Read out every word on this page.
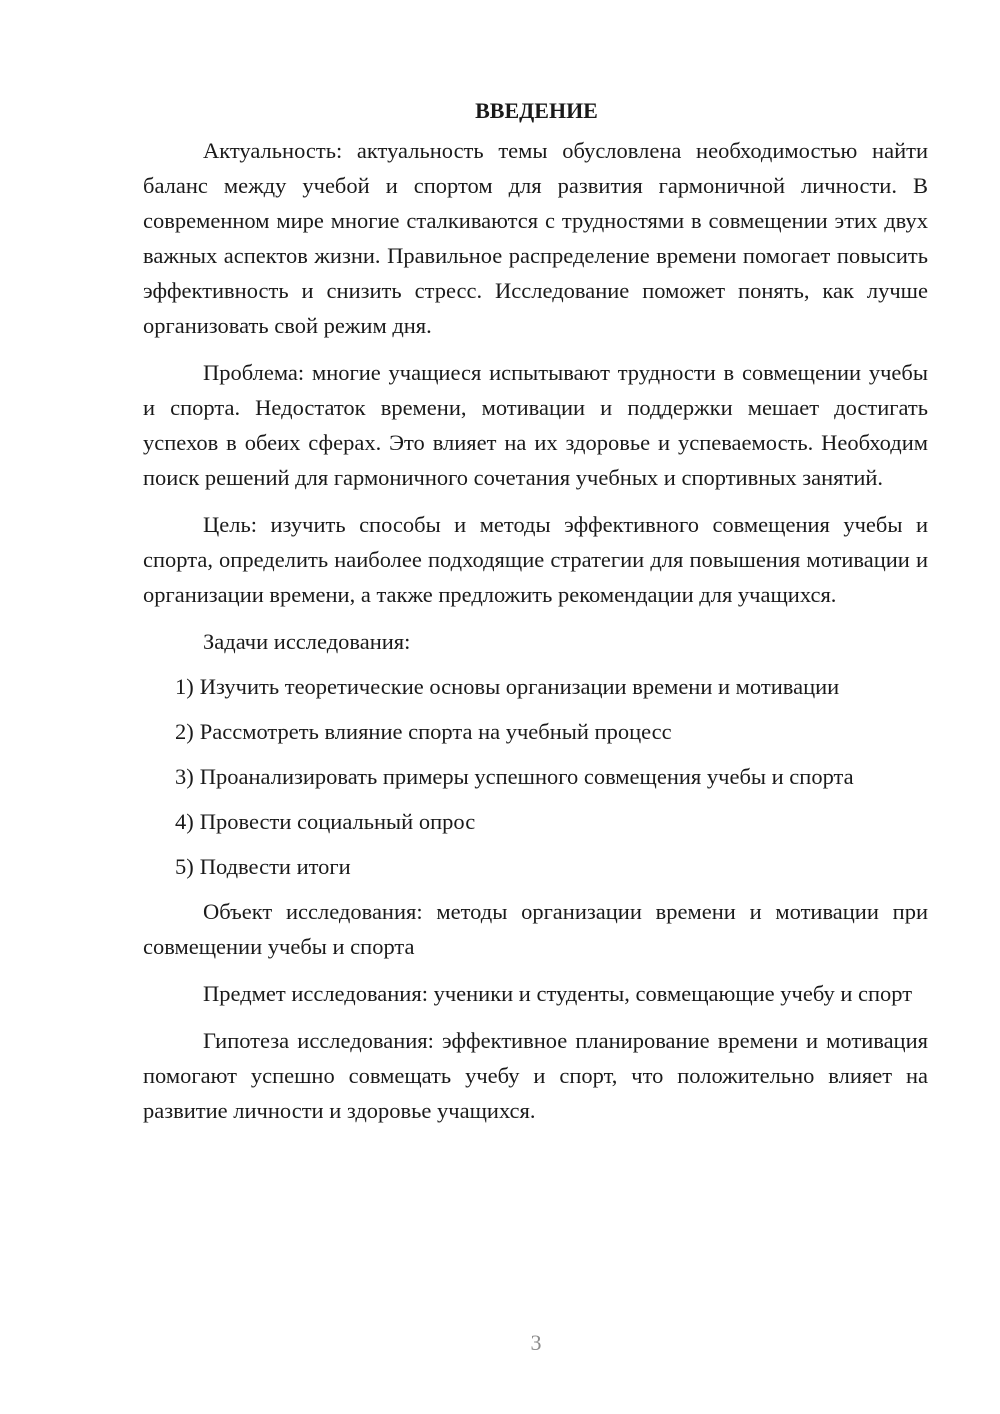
ВВЕДЕНИЕ

Актуальность: актуальность темы обусловлена необходимостью найти баланс между учебой и спортом для развития гармоничной личности. В современном мире многие сталкиваются с трудностями в совмещении этих двух важных аспектов жизни. Правильное распределение времени помогает повысить эффективность и снизить стресс. Исследование поможет понять, как лучше организовать свой режим дня.

Проблема: многие учащиеся испытывают трудности в совмещении учебы и спорта. Недостаток времени, мотивации и поддержки мешает достигать успехов в обеих сферах. Это влияет на их здоровье и успеваемость. Необходим поиск решений для гармоничного сочетания учебных и спортивных занятий.

Цель: изучить способы и методы эффективного совмещения учебы и спорта, определить наиболее подходящие стратегии для повышения мотивации и организации времени, а также предложить рекомендации для учащихся.

Задачи исследования:

1) Изучить теоретические основы организации времени и мотивации
2) Рассмотреть влияние спорта на учебный процесс
3) Проанализировать примеры успешного совмещения учебы и спорта
4) Провести социальный опрос
5) Подвести итоги

Объект исследования: методы организации времени и мотивации при совмещении учебы и спорта

Предмет исследования: ученики и студенты, совмещающие учебу и спорт

Гипотеза исследования: эффективное планирование времени и мотивация помогают успешно совмещать учебу и спорт, что положительно влияет на развитие личности и здоровье учащихся.

3
